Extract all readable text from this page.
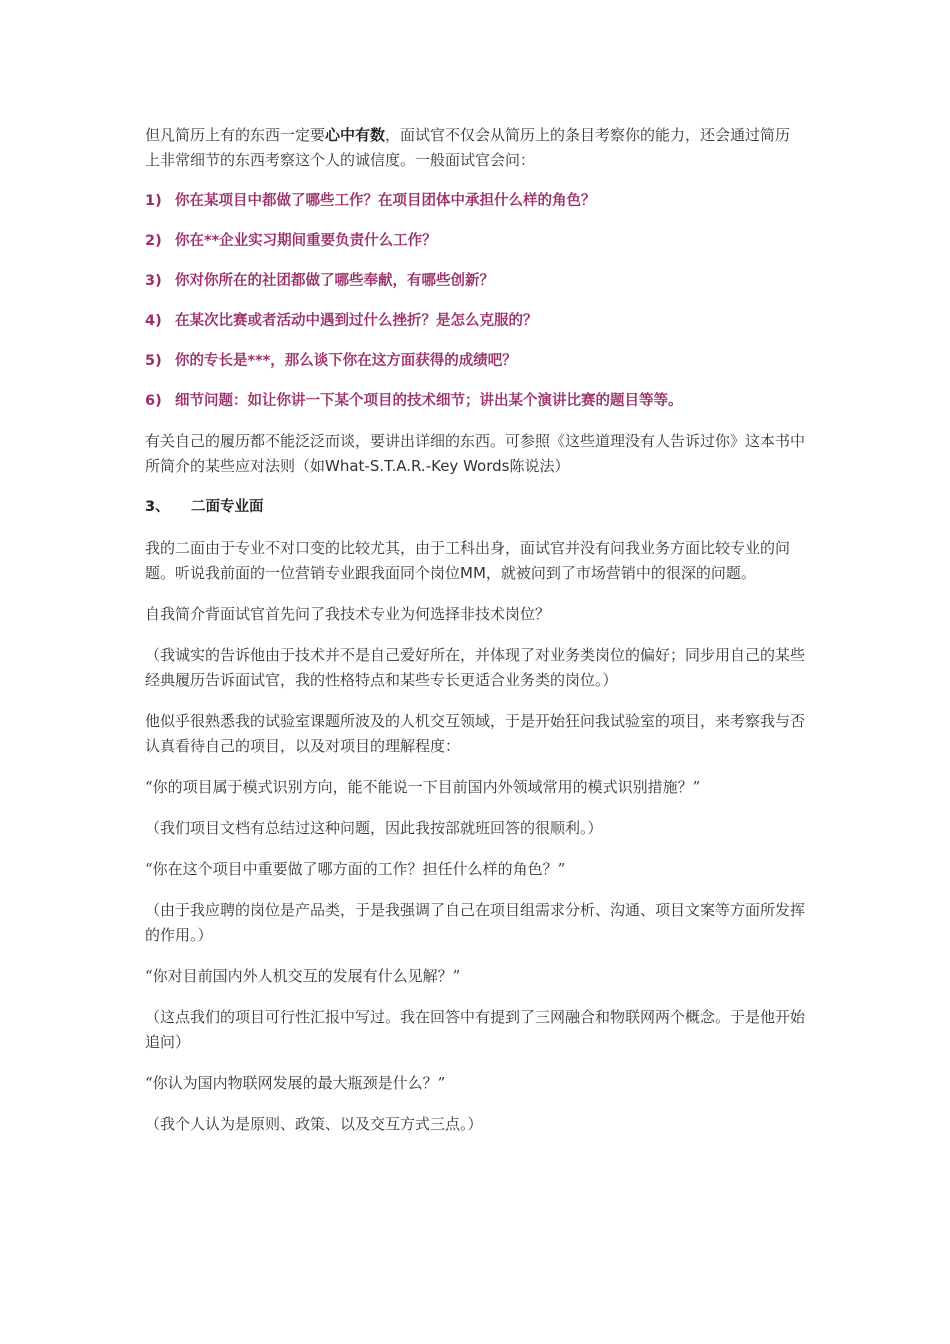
但凡简历上有的东西一定要心中有数，面试官不仅会从简历上的条目考察你的能力，还会通过简历上非常细节的东西考察这个人的诚信度。一般面试官会问：

1) 你在某项目中都做了哪些工作？在项目团体中承担什么样的角色？

2) 你在**企业实习期间重要负责什么工作？

3) 你对你所在的社团都做了哪些奉献，有哪些创新？

4) 在某次比赛或者活动中遇到过什么挫折？是怎么克服的？

5) 你的专长是***，那么谈下你在这方面获得的成绩吧？

6) 细节问题：如让你讲一下某个项目的技术细节；讲出某个演讲比赛的题目等等。

有关自己的履历都不能泛泛而谈，要讲出详细的东西。可参照《这些道理没有人告诉过你》这本书中所简介的某些应对法则（如What-S.T.A.R.-Key Words陈说法）

3、 二面专业面

我的二面由于专业不对口变的比较尤其，由于工科出身，面试官并没有问我业务方面比较专业的问题。听说我前面的一位营销专业跟我面同个岗位MM，就被问到了市场营销中的很深的问题。

自我简介背面试官首先问了我技术专业为何选择非技术岗位？

（我诚实的告诉他由于技术并不是自己爱好所在，并体现了对业务类岗位的偏好；同步用自己的某些经典履历告诉面试官，我的性格特点和某些专长更适合业务类的岗位。）

他似乎很熟悉我的试验室课题所波及的人机交互领域，于是开始狂问我试验室的项目，来考察我与否认真看待自己的项目，以及对项目的理解程度：

“你的项目属于模式识别方向，能不能说一下目前国内外领域常用的模式识别措施？”

（我们项目文档有总结过这种问题，因此我按部就班回答的很顺利。）

“你在这个项目中重要做了哪方面的工作？担任什么样的角色？”

（由于我应聘的岗位是产品类，于是我强调了自己在项目组需求分析、沟通、项目文案等方面所发挥的作用。）

“你对目前国内外人机交互的发展有什么见解？”

（这点我们的项目可行性汇报中写过。我在回答中有提到了三网融合和物联网两个概念。于是他开始追问）

“你认为国内物联网发展的最大瓶颈是什么？”

（我个人认为是原则、政策、以及交互方式三点。）
